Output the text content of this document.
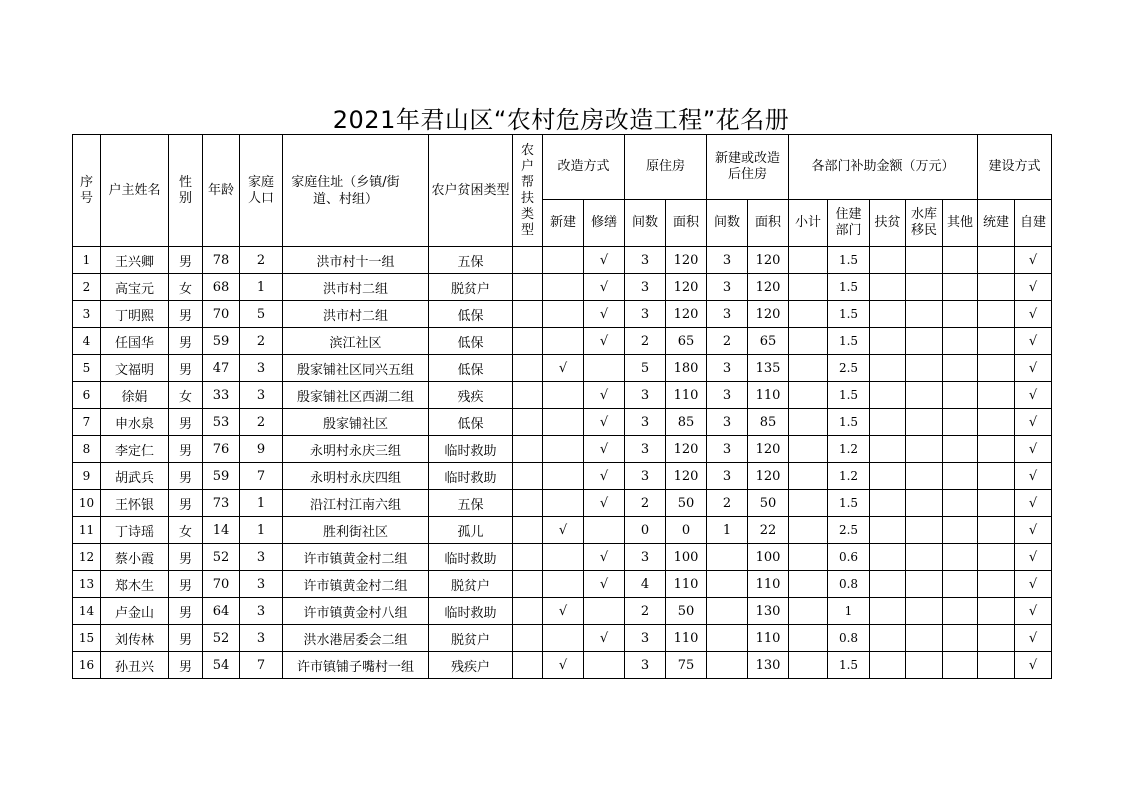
2021年君山区“农村危房改造工程”花名册
序号	户主姓名	性别	年龄	家庭人口	家庭住址（乡镇/街道、村组）	农户贫困类型	农户帮扶类型	改造方式		原住房		新建或改造后住房		各部门补助金额（万元）					建设方式	
								新建	修缮	间数	面积	间数	面积	小计	住建部门	扶贫	水库移民	其他	统建	自建
1	王兴卿	男	78	2	洪市村十一组	五保			√	3	120	3	120		1.5					√
2	高宝元	女	68	1	洪市村二组	脱贫户			√	3	120	3	120		1.5					√
3	丁明熙	男	70	5	洪市村二组	低保			√	3	120	3	120		1.5					√
4	任国华	男	59	2	滨江社区	低保			√	2	65	2	65		1.5					√
5	文福明	男	47	3	殷家铺社区同兴五组	低保		√		5	180	3	135		2.5					√
6	徐娟	女	33	3	殷家铺社区西湖二组	残疾			√	3	110	3	110		1.5					√
7	申水泉	男	53	2	殷家铺社区	低保			√	3	85	3	85		1.5					√
8	李定仁	男	76	9	永明村永庆三组	临时救助			√	3	120	3	120		1.2					√
9	胡武兵	男	59	7	永明村永庆四组	临时救助			√	3	120	3	120		1.2					√
10	王怀银	男	73	1	沿江村江南六组	五保			√	2	50	2	50		1.5					√
11	丁诗瑶	女	14	1	胜利街社区	孤儿		√		0	0	1	22		2.5					√
12	蔡小霞	男	52	3	许市镇黄金村二组	临时救助			√	3	100		100		0.6					√
13	郑木生	男	70	3	许市镇黄金村二组	脱贫户			√	4	110		110		0.8					√
14	卢金山	男	64	3	许市镇黄金村八组	临时救助		√		2	50		130		1					√
15	刘传林	男	52	3	洪水港居委会二组	脱贫户			√	3	110		110		0.8					√
16	孙丑兴	男	54	7	许市镇铺子嘴村一组	残疾户		√		3	75		130		1.5					√
